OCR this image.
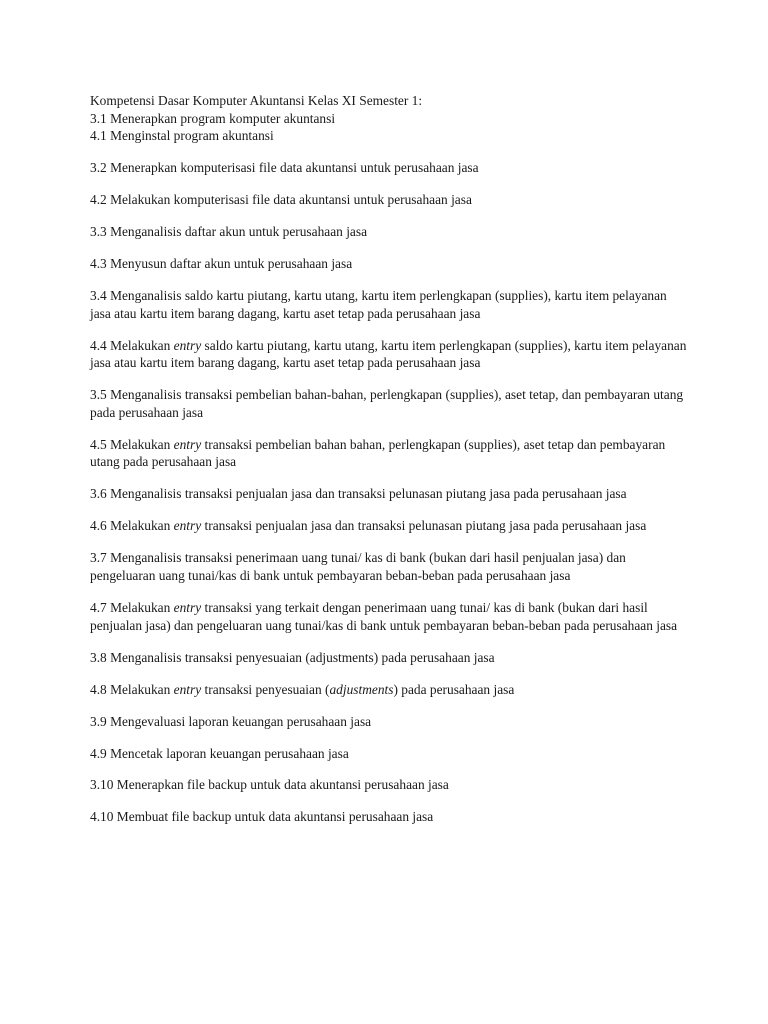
Kompetensi Dasar Komputer Akuntansi Kelas XI Semester 1:

3.1 Menerapkan program komputer akuntansi

4.1 Menginstal program akuntansi

3.2 Menerapkan komputerisasi file data akuntansi untuk perusahaan jasa

4.2 Melakukan komputerisasi file data akuntansi untuk perusahaan jasa

3.3 Menganalisis daftar akun untuk perusahaan jasa

4.3 Menyusun daftar akun untuk perusahaan jasa

3.4 Menganalisis saldo kartu piutang, kartu utang, kartu item perlengkapan (supplies), kartu item pelayanan jasa atau kartu item barang dagang, kartu aset tetap pada perusahaan jasa

4.4 Melakukan entry saldo kartu piutang, kartu utang, kartu item perlengkapan (supplies), kartu item pelayanan jasa atau kartu item barang dagang, kartu aset tetap pada perusahaan jasa

3.5 Menganalisis transaksi pembelian bahan-bahan, perlengkapan (supplies), aset tetap, dan pembayaran utang pada perusahaan jasa

4.5 Melakukan entry transaksi pembelian bahan bahan, perlengkapan (supplies), aset tetap dan pembayaran utang pada perusahaan jasa

3.6 Menganalisis transaksi penjualan jasa dan transaksi pelunasan piutang jasa pada perusahaan jasa

4.6 Melakukan entry transaksi penjualan jasa dan transaksi pelunasan piutang jasa pada perusahaan jasa

3.7 Menganalisis transaksi penerimaan uang tunai/ kas di bank (bukan dari hasil penjualan jasa) dan pengeluaran uang tunai/kas di bank untuk pembayaran beban-beban pada perusahaan jasa

4.7 Melakukan entry transaksi yang terkait dengan penerimaan uang tunai/ kas di bank (bukan dari hasil penjualan jasa) dan pengeluaran uang tunai/kas di bank untuk pembayaran beban-beban pada perusahaan jasa

3.8 Menganalisis transaksi penyesuaian (adjustments) pada perusahaan jasa

4.8 Melakukan entry transaksi penyesuaian (adjustments) pada perusahaan jasa

3.9 Mengevaluasi laporan keuangan perusahaan jasa

4.9 Mencetak laporan keuangan perusahaan jasa

3.10 Menerapkan file backup untuk data akuntansi perusahaan jasa

4.10 Membuat file backup untuk data akuntansi perusahaan jasa
